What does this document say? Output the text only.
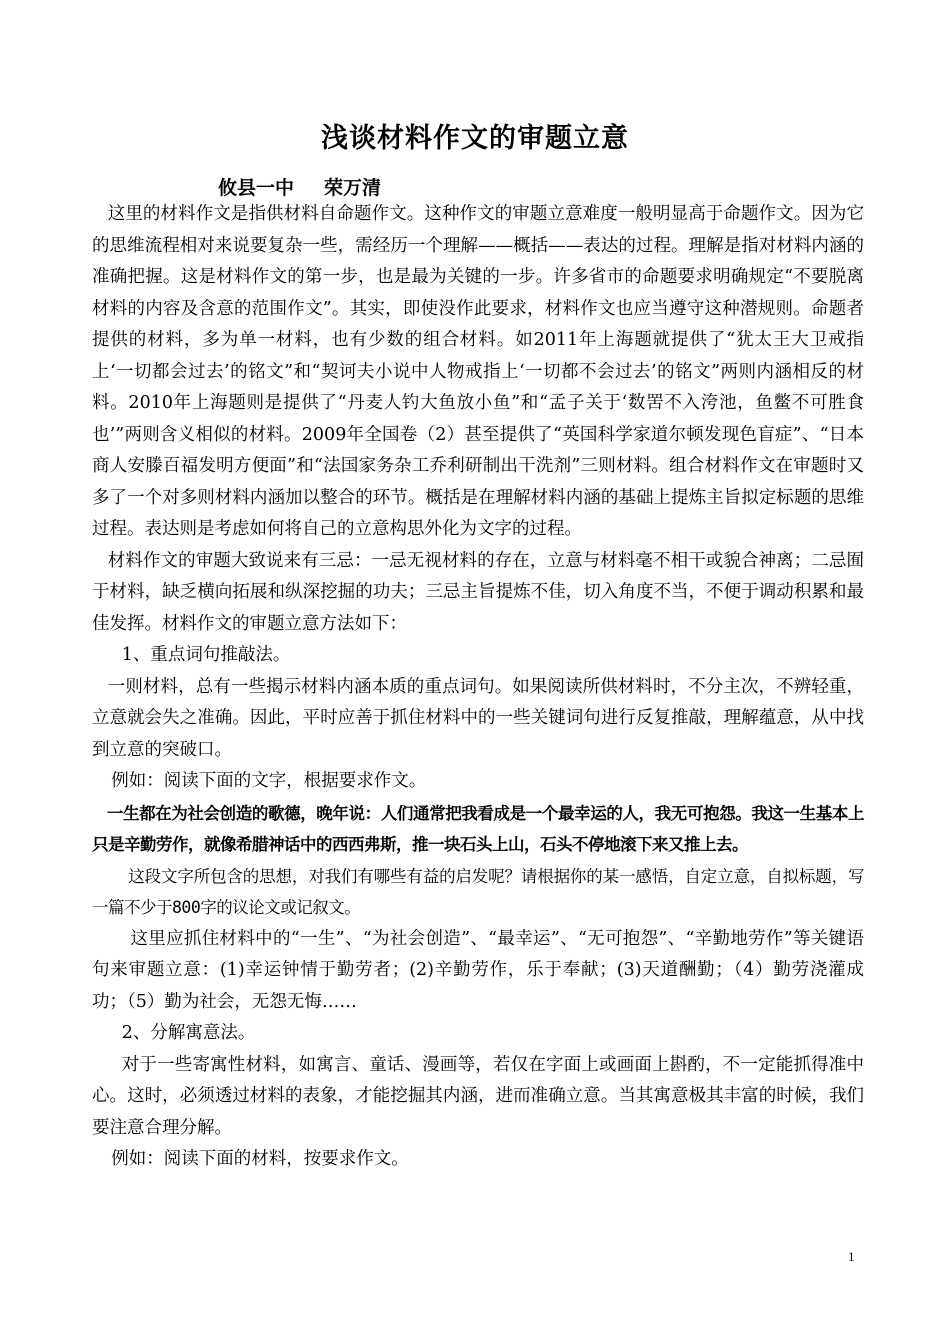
浅谈材料作文的审题立意
攸县一中 荣万清

这里的材料作文是指供材料自命题作文。这种作文的审题立意难度一般明显高于命题作文。因为它的思维流程相对来说要复杂一些，需经历一个理解——概括——表达的过程。理解是指对材料内涵的准确把握。这是材料作文的第一步，也是最为关键的一步。许多省市的命题要求明确规定“不要脱离材料的内容及含意的范围作文”。其实，即使没作此要求，材料作文也应当遵守这种潜规则。命题者提供的材料，多为单一材料，也有少数的组合材料。如2011年上海题就提供了“犹太王大卫戒指上‘一切都会过去’的铭文”和“契诃夫小说中人物戒指上‘一切都不会过去’的铭文”两则内涵相反的材料。2010年上海题则是提供了“丹麦人钓大鱼放小鱼”和“孟子关于‘数罟不入洿池，鱼鳖不可胜食也’”两则含义相似的材料。2009年全国卷（2）甚至提供了“英国科学家道尔顿发现色盲症”、“日本商人安滕百福发明方便面”和“法国家务杂工乔利研制出干洗剂”三则材料。组合材料作文在审题时又多了一个对多则材料内涵加以整合的环节。概括是在理解材料内涵的基础上提炼主旨拟定标题的思维过程。表达则是考虑如何将自己的立意构思外化为文字的过程。

材料作文的审题大致说来有三忌：一忌无视材料的存在，立意与材料毫不相干或貌合神离；二忌囿于材料，缺乏横向拓展和纵深挖掘的功夫；三忌主旨提炼不佳，切入角度不当，不便于调动积累和最佳发挥。材料作文的审题立意方法如下：

1、重点词句推敲法。

一则材料，总有一些揭示材料内涵本质的重点词句。如果阅读所供材料时，不分主次，不辨轻重，立意就会失之准确。因此，平时应善于抓住材料中的一些关键词句进行反复推敲，理解蕴意，从中找到立意的突破口。

例如：阅读下面的文字，根据要求作文。

一生都在为社会创造的歌德，晚年说：人们通常把我看成是一个最幸运的人，我无可抱怨。我这一生基本上只是辛勤劳作，就像希腊神话中的西西弗斯，推一块石头上山，石头不停地滚下来又推上去。

这段文字所包含的思想，对我们有哪些有益的启发呢？请根据你的某一感悟，自定立意，自拟标题，写一篇不少于800字的议论文或记叙文。

这里应抓住材料中的“一生”、“为社会创造”、“最幸运”、“无可抱怨”、“辛勤地劳作”等关键语句来审题立意：(1)幸运钟情于勤劳者；(2)辛勤劳作，乐于奉献；(3)天道酬勤；（4）勤劳浇灌成功；（5）勤为社会，无怨无悔……

2、分解寓意法。

对于一些寄寓性材料，如寓言、童话、漫画等，若仅在字面上或画面上斟酌，不一定能抓得准中心。这时，必须透过材料的表象，才能挖掘其内涵，进而准确立意。当其寓意极其丰富的时候，我们要注意合理分解。

例如：阅读下面的材料，按要求作文。

1
